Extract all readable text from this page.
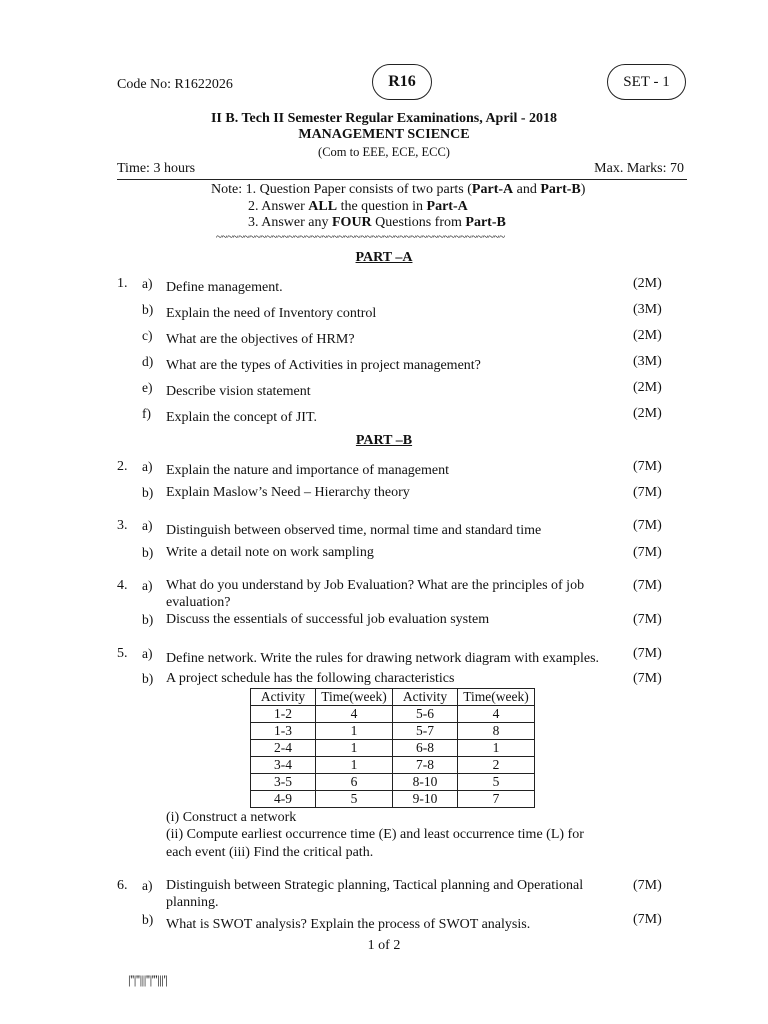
Code No: R1622026	R16	SET - 1
II B. Tech II Semester Regular Examinations, April - 2018
MANAGEMENT SCIENCE
(Com to EEE, ECE, ECC)
Time: 3 hours	Max. Marks: 70
Note: 1. Question Paper consists of two parts (Part-A and Part-B)
2. Answer ALL the question in Part-A
3. Answer any FOUR Questions from Part-B
~~~~~~~~~~~~~~~~~~~~~~~~~~~~~~~~~~~~~~~~~~~~~~~~~~~~
PART –A
1. a) Define management.	(2M)
b) Explain the need of Inventory control	(3M)
c) What are the objectives of HRM?	(2M)
d) What are the types of Activities in project management?	(3M)
e) Describe vision statement	(2M)
f) Explain the concept of JIT.	(2M)
PART –B
2. a) Explain the nature and importance of management	(7M)
b) Explain Maslow’s Need – Hierarchy theory	(7M)
3. a) Distinguish between observed time, normal time and standard time	(7M)
b) Write a detail note on work sampling	(7M)
4. a) What do you understand by Job Evaluation? What are the principles of job
evaluation?
(7M)
b) Discuss the essentials of successful job evaluation system	(7M)
5. a) Define network. Write the rules for drawing network diagram with examples. (7M)
b) A project schedule has the following characteristics	(7M)
Activity	Time(week)	Activity	Time(week)
1-2	4	5-6	4
1-3	1	5-7	8
2-4	1	6-8	1
3-4	1	7-8	2
3-5	6	8-10	5
4-9	5	9-10	7
(i) Construct a network
(ii) Compute earliest occurrence time (E) and least occurrence time (L) for
each event (iii) Find the critical path.
6. a) Distinguish between Strategic planning, Tactical planning and Operational
planning.
(7M)
b) What is SWOT analysis? Explain the process of SWOT analysis.	(7M)
1 of 2
|''|''|||''|'''|||'|
